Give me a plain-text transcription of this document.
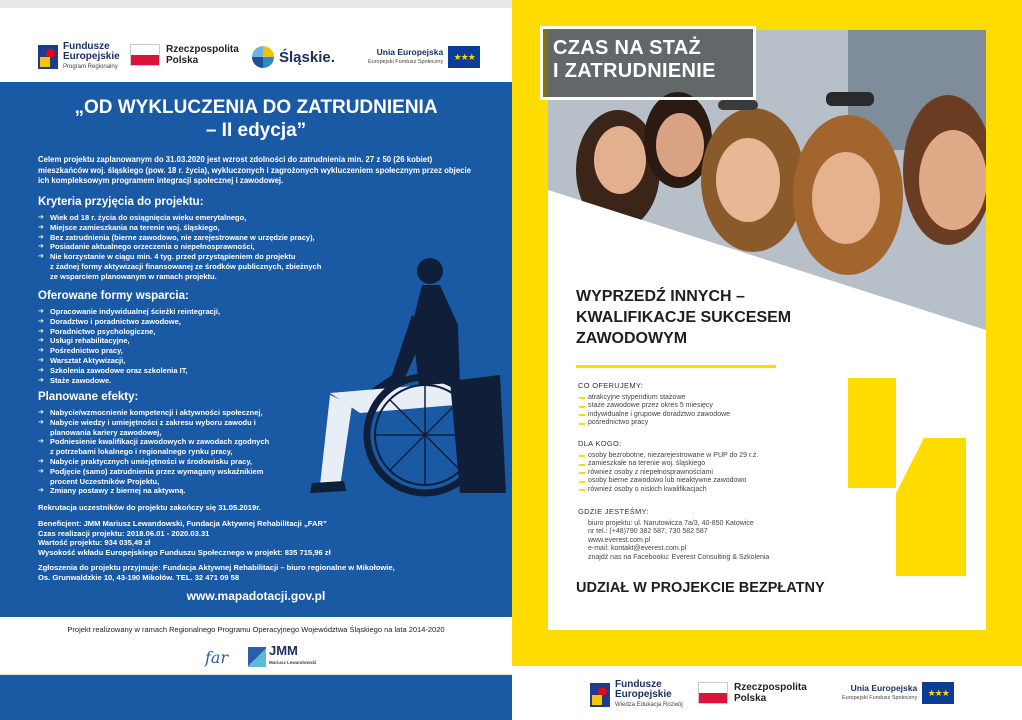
Fundusze
Europejskie
Program Regionalny
Rzeczpospolita
Polska	Śląskie.	Unia Europejska
Europejski Fundusz Społeczny	★★★
„OD WYKLUCZENIA DO ZATRUDNIENIA
– II edycja”
Celem projektu zaplanowanym do 31.03.2020 jest wzrost zdolności do zatrudnienia min. 27 z 50 (26 kobiet) mieszkańców woj. śląskiego (pow. 18 r. życia), wykluczonych i zagrożonych wykluczeniem społecznym przez objecie ich kompleksowym programem integracji społecznej i zawodowej.
Kryteria przyjęcia do projektu:
➔ Wiek od 18 r. życia do osiągnięcia wieku emerytalnego,
➔ Miejsce zamieszkania na terenie woj. śląskiego,
➔ Bez zatrudnienia (bierne zawodowo, nie zarejestrowane w urzędzie pracy),
➔ Posiadanie aktualnego orzeczenia o niepełnosprawności,
➔ Nie korzystanie w ciągu min. 4 tyg. przed przystąpieniem do projektu
z żadnej formy aktywizacji finansowanej ze środków publicznych, zbieżnych
ze wsparciem planowanym w ramach projektu.
Oferowane formy wsparcia:
➔ Opracowanie indywidualnej ścieżki reintegracji,
➔ Doradztwo i poradnictwo zawodowe,
➔ Poradnictwo psychologiczne,
➔ Usługi rehabilitacyjne,
➔ Pośrednictwo pracy,
➔ Warsztat Aktywizacji,
➔ Szkolenia zawodowe oraz szkolenia IT,
➔ Staże zawodowe.
Planowane efekty:
➔ Nabycie/wzmocnienie kompetencji i aktywności społecznej,
➔ Nabycie wiedzy i umiejętności z zakresu wyboru zawodu i
planowania kariery zawodowej,
➔ Podniesienie kwalifikacji zawodowych w zawodach zgodnych
z potrzebami lokalnego i regionalnego rynku pracy,
➔ Nabycie praktycznych umiejętności w środowisku pracy,
➔ Podjęcie (samo) zatrudnienia przez wymagany wskaźnikiem
procent Uczestników Projektu,
➔ Zmiany postawy z biernej na aktywną.
Rekrutacja uczestników do projektu zakończy się 31.05.2019r.
Beneficjent: JMM Mariusz Lewandowski, Fundacja Aktywnej Rehabilitacji „FAR”
Czas realizacji projektu: 2018.06.01 - 2020.03.31
Wartość projektu: 934 035,49 zł
Wysokość wkładu Europejskiego Funduszu Społecznego w projekt: 835 715,96 zł
Zgłoszenia do projektu przyjmuje: Fundacja Aktywnej Rehabilitacji – biuro regionalne w Mikołowie,
Os. Grunwaldzkie 10, 43-190 Mikołów. TEL. 32 471 09 58
www.mapadotacji.gov.pl
Projekt realizowany w ramach Regionalnego Programu Operacyjnego Województwa Śląskiego na lata 2014-2020
far	JMM
Mariusz Lewandowski
CZAS NA STAŻ
I ZATRUDNIENIE
WYPRZEDŹ INNYCH –
KWALIFIKACJE SUKCESEM
ZAWODOWYM
CO OFERUJEMY:
atrakcyjne stypendium stażowe
staże zawodowe przez okres 5 miesięcy
indywidualne i grupowe doradztwo zawodowe
pośrednictwo pracy
DLA KOGO:
osoby bezrobotne, niezarejestrowane w PUP do 29 r.ż.
zamieszkałe na terenie woj. śląskiego
również osoby z niepełnosprawnościami
osoby bierne zawodowo lub nieaktywne zawodowo
również osoby o niskich kwalifikacjach
GDZIE JESTEŚMY:
biuro projektu: ul. Narutowicza 7a/3, 40-850 Katowice
nr tel.: (+48)790 382 587, 730 582 587
www.everest.com.pl
e-mail: kontakt@everest.com.pl
znajdź nas na Facebooku: Everest Consulting & Szkolenia
UDZIAŁ W PROJEKCIE BEZPŁATNY
Fundusze
Europejskie
Wiedza Edukacja Rozwój
Rzeczpospolita
Polska
Unia Europejska
Europejski Fundusz Społeczny	★★★
